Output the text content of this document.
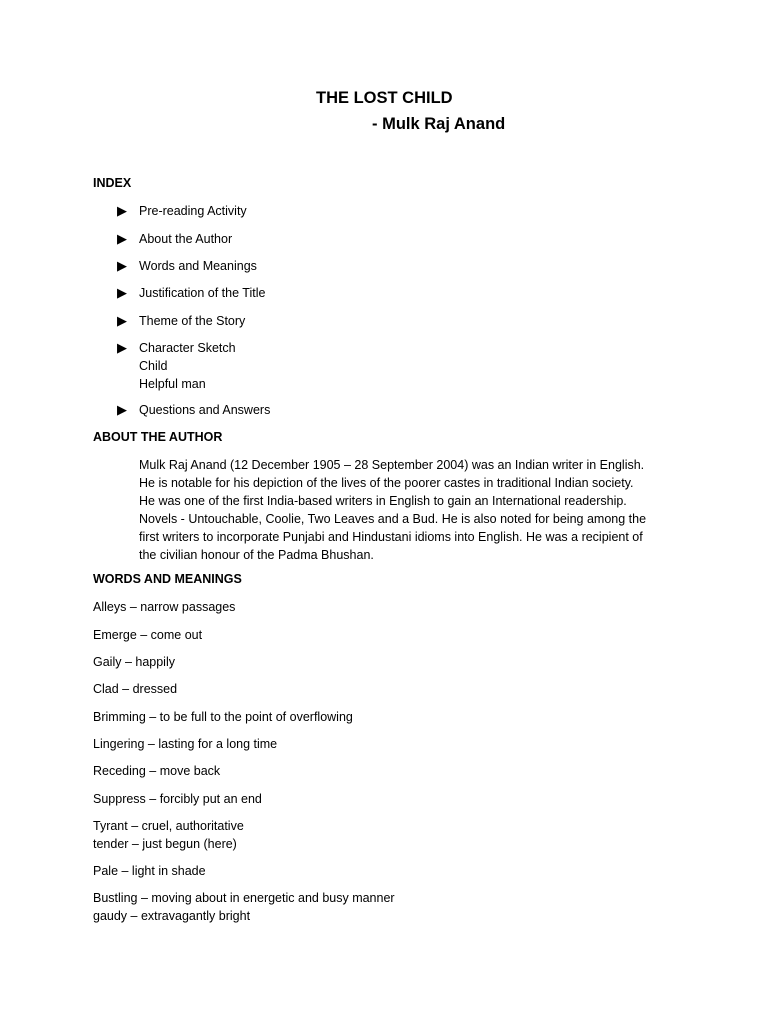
THE LOST CHILD
- Mulk Raj Anand
INDEX
▶ Pre-reading Activity
▶ About the Author
▶ Words and Meanings
▶ Justification of the Title
▶ Theme of the Story
▶ Character Sketch
Child
Helpful man
▶ Questions and Answers
ABOUT THE AUTHOR
Mulk Raj Anand (12 December 1905 – 28 September 2004) was an Indian writer in English.
He is notable for his depiction of the lives of the poorer castes in traditional Indian society.
He was one of the first India-based writers in English to gain an International readership.
Novels - Untouchable, Coolie, Two Leaves and a Bud. He is also noted for being among the
first writers to incorporate Punjabi and Hindustani idioms into English. He was a recipient of
the civilian honour of the Padma Bhushan.
WORDS AND MEANINGS
Alleys – narrow passages
Emerge – come out
Gaily – happily
Clad – dressed
Brimming – to be full to the point of overflowing
Lingering – lasting for a long time
Receding – move back
Suppress – forcibly put an end
Tyrant – cruel, authoritative
tender – just begun (here)
Pale – light in shade
Bustling – moving about in energetic and busy manner
gaudy – extravagantly bright
